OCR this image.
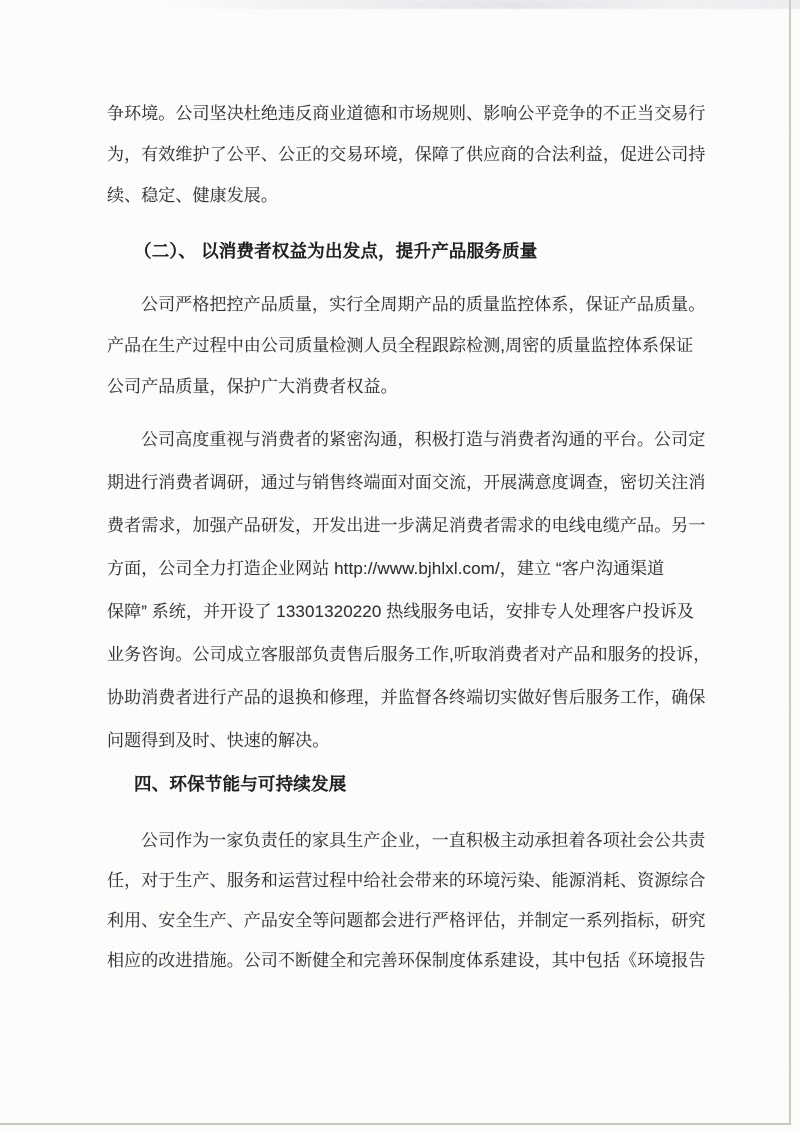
争环境。公司坚决杜绝违反商业道德和市场规则、影响公平竞争的不正当交易行
为，有效维护了公平、公正的交易环境，保障了供应商的合法利益，促进公司持
续、稳定、健康发展。
（二）、 以消费者权益为出发点，提升产品服务质量
公司严格把控产品质量，实行全周期产品的质量监控体系，保证产品质量。
产品在生产过程中由公司质量检测人员全程跟踪检测,周密的质量监控体系保证
公司产品质量，保护广大消费者权益。
公司高度重视与消费者的紧密沟通，积极打造与消费者沟通的平台。公司定
期进行消费者调研，通过与销售终端面对面交流，开展满意度调查，密切关注消
费者需求，加强产品研发，开发出进一步满足消费者需求的电线电缆产品。另一
方面，公司全力打造企业网站 http://www.bjhlxl.com/，建立 “客户沟通渠道
保障” 系统，并开设了 13301320220 热线服务电话，安排专人处理客户投诉及
业务咨询。公司成立客服部负责售后服务工作,听取消费者对产品和服务的投诉，
协助消费者进行产品的退换和修理，并监督各终端切实做好售后服务工作，确保
问题得到及时、快速的解决。
四、环保节能与可持续发展
公司作为一家负责任的家具生产企业，一直积极主动承担着各项社会公共责
任，对于生产、服务和运营过程中给社会带来的环境污染、能源消耗、资源综合
利用、安全生产、产品安全等问题都会进行严格评估，并制定一系列指标，研究
相应的改进措施。公司不断健全和完善环保制度体系建设，其中包括《环境报告
